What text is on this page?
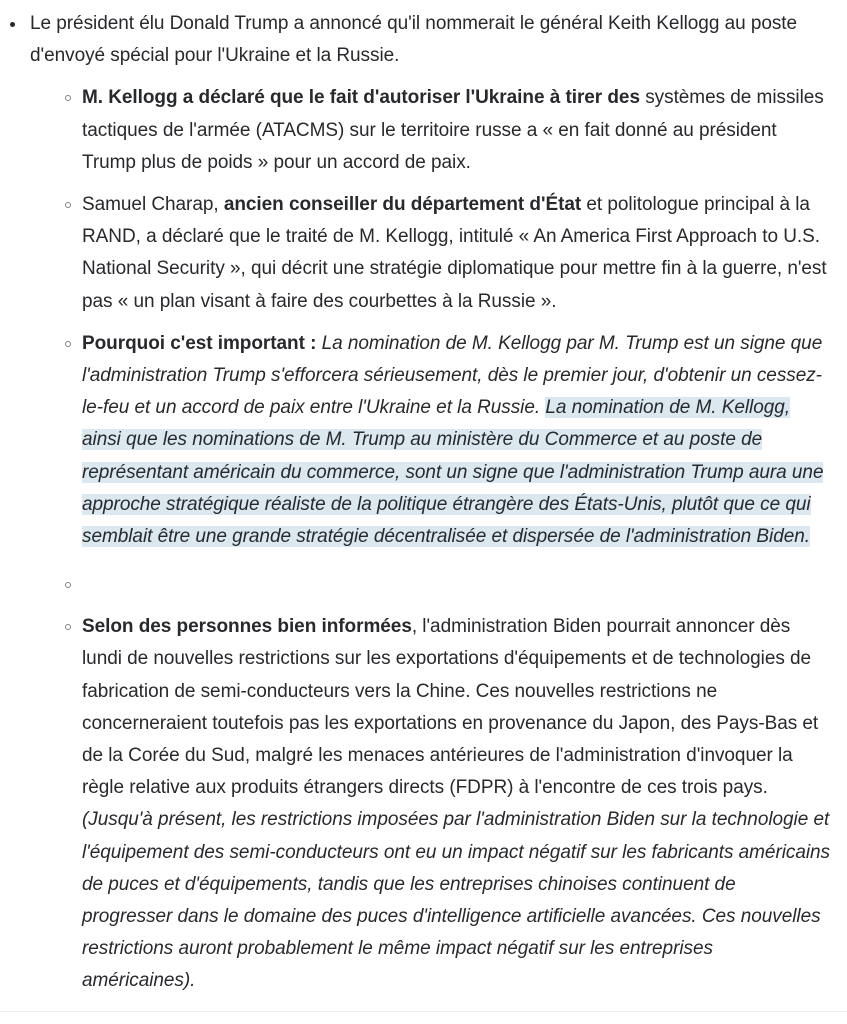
Le président élu Donald Trump a annoncé qu'il nommerait le général Keith Kellogg au poste d'envoyé spécial pour l'Ukraine et la Russie.
M. Kellogg a déclaré que le fait d'autoriser l'Ukraine à tirer des systèmes de missiles tactiques de l'armée (ATACMS) sur le territoire russe a « en fait donné au président Trump plus de poids » pour un accord de paix.
Samuel Charap, ancien conseiller du département d'État et politologue principal à la RAND, a déclaré que le traité de M. Kellogg, intitulé « An America First Approach to U.S. National Security », qui décrit une stratégie diplomatique pour mettre fin à la guerre, n'est pas « un plan visant à faire des courbettes à la Russie ».
Pourquoi c'est important : La nomination de M. Kellogg par M. Trump est un signe que l'administration Trump s'efforcera sérieusement, dès le premier jour, d'obtenir un cessez-le-feu et un accord de paix entre l'Ukraine et la Russie. La nomination de M. Kellogg, ainsi que les nominations de M. Trump au ministère du Commerce et au poste de représentant américain du commerce, sont un signe que l'administration Trump aura une approche stratégique réaliste de la politique étrangère des États-Unis, plutôt que ce qui semblait être une grande stratégie décentralisée et dispersée de l'administration Biden.
Selon des personnes bien informées, l'administration Biden pourrait annoncer dès lundi de nouvelles restrictions sur les exportations d'équipements et de technologies de fabrication de semi-conducteurs vers la Chine. Ces nouvelles restrictions ne concerneraient toutefois pas les exportations en provenance du Japon, des Pays-Bas et de la Corée du Sud, malgré les menaces antérieures de l'administration d'invoquer la règle relative aux produits étrangers directs (FDPR) à l'encontre de ces trois pays. (Jusqu'à présent, les restrictions imposées par l'administration Biden sur la technologie et l'équipement des semi-conducteurs ont eu un impact négatif sur les fabricants américains de puces et d'équipements, tandis que les entreprises chinoises continuent de progresser dans le domaine des puces d'intelligence artificielle avancées. Ces nouvelles restrictions auront probablement le même impact négatif sur les entreprises américaines).
